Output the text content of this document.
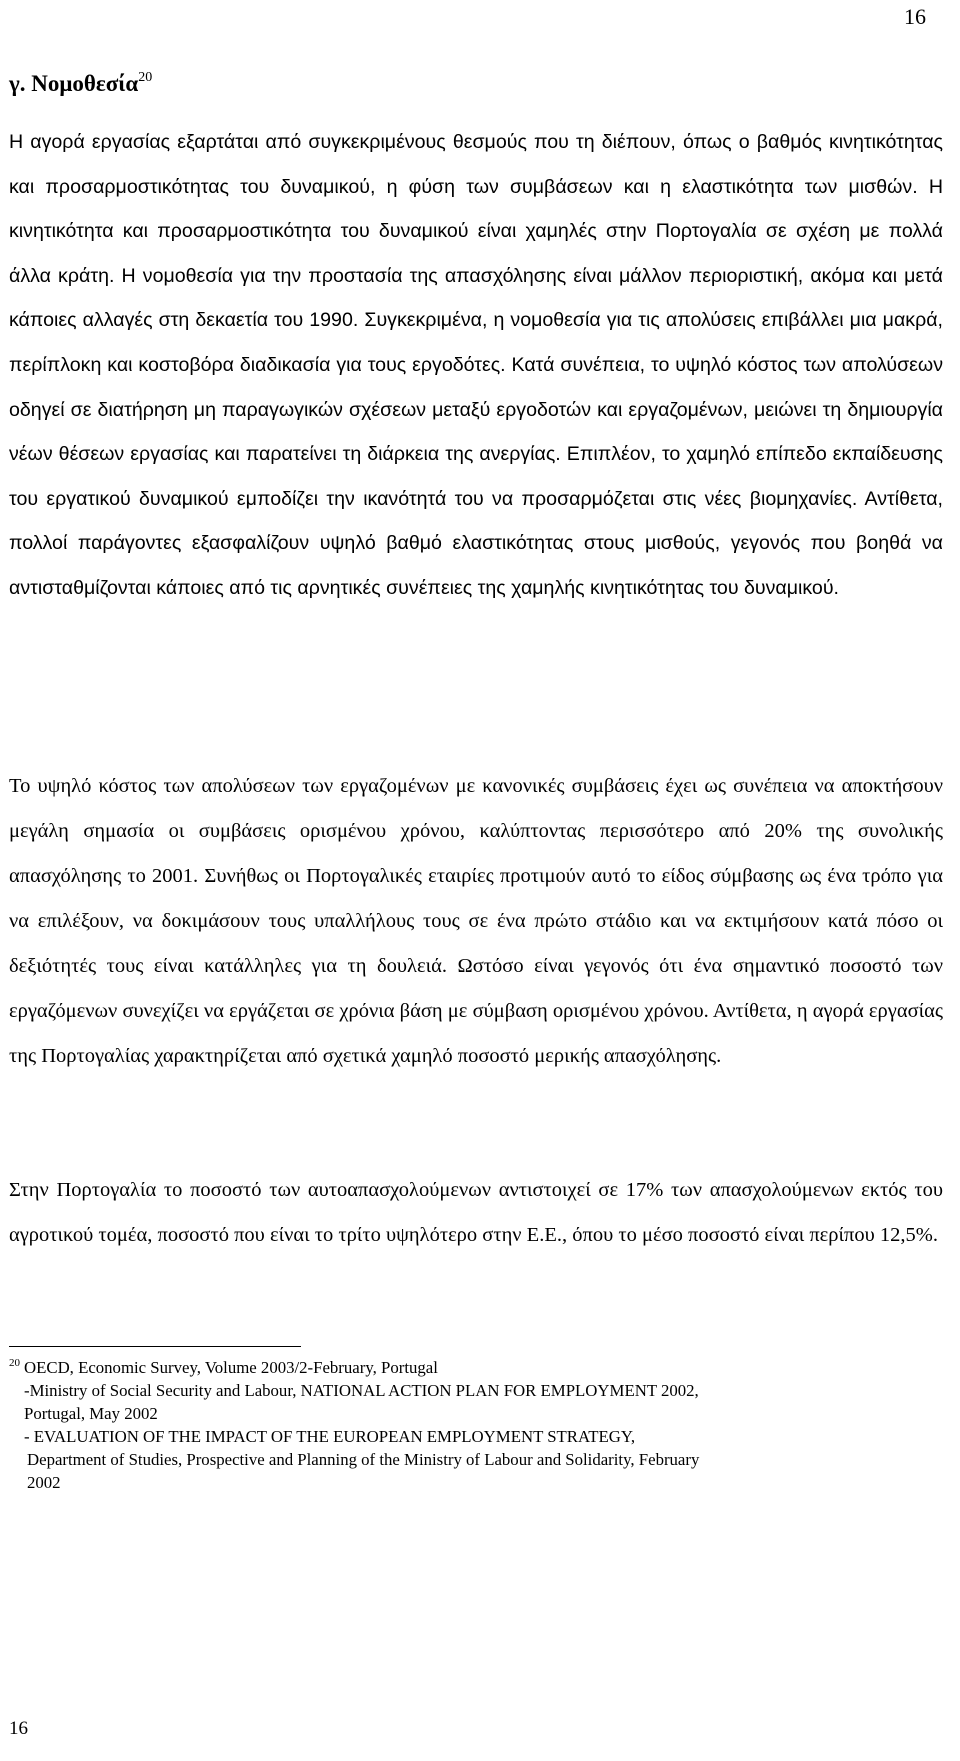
16
γ. Νομοθεσία$^{20}$

Η αγορά εργασίας εξαρτάται από συγκεκριμένους θεσμούς που τη διέπουν, όπως ο βαθμός κινητικότητας και προσαρμοστικότητας του δυναμικού, η φύση των συμβάσεων και η ελαστικότητα των μισθών. Η κινητικότητα και προσαρμοστικότητα του δυναμικού είναι χαμηλές στην Πορτογαλία σε σχέση με πολλά άλλα κράτη. Η νομοθεσία για την προστασία της απασχόλησης είναι μάλλον περιοριστική, ακόμα και μετά κάποιες αλλαγές στη δεκαετία του 1990. Συγκεκριμένα, η νομοθεσία για τις απολύσεις επιβάλλει μια μακρά, περίπλοκη και κοστοβόρα διαδικασία για τους εργοδότες. Κατά συνέπεια, το υψηλό κόστος των απολύσεων οδηγεί σε διατήρηση μη παραγωγικών σχέσεων μεταξύ εργοδοτών και εργαζομένων, μειώνει τη δημιουργία νέων θέσεων εργασίας και παρατείνει τη διάρκεια της ανεργίας. Επιπλέον, το χαμηλό επίπεδο εκπαίδευσης του εργατικού δυναμικού εμποδίζει την ικανότητά του να προσαρμόζεται στις νέες βιομηχανίες. Αντίθετα, πολλοί παράγοντες εξασφαλίζουν υψηλό βαθμό ελαστικότητας στους μισθούς, γεγονός που βοηθά να αντισταθμίζονται κάποιες από τις αρνητικές συνέπειες της χαμηλής κινητικότητας του δυναμικού.

Το υψηλό κόστος των απολύσεων των εργαζομένων με κανονικές συμβάσεις έχει ως συνέπεια να αποκτήσουν μεγάλη σημασία οι συμβάσεις ορισμένου χρόνου, καλύπτοντας περισσότερο από 20% της συνολικής απασχόλησης το 2001. Συνήθως οι Πορτογαλικές εταιρίες προτιμούν αυτό το είδος σύμβασης ως ένα τρόπο για να επιλέξουν, να δοκιμάσουν τους υπαλλήλους τους σε ένα πρώτο στάδιο και να εκτιμήσουν κατά πόσο οι δεξιότητές τους είναι κατάλληλες για τη δουλειά. Ωστόσο είναι γεγονός ότι ένα σημαντικό ποσοστό των εργαζόμενων συνεχίζει να εργάζεται σε χρόνια βάση με σύμβαση ορισμένου χρόνου. Αντίθετα, η αγορά εργασίας της Πορτογαλίας χαρακτηρίζεται από σχετικά χαμηλό ποσοστό μερικής απασχόλησης.

Στην Πορτογαλία το ποσοστό των αυτοαπασχολούμενων αντιστοιχεί σε 17% των απασχολούμενων εκτός του αγροτικού τομέα, ποσοστό που είναι το τρίτο υψηλότερο στην Ε.Ε., όπου το μέσο ποσοστό είναι περίπου 12,5%.

$^{20}$ OECD, Economic Survey, Volume 2003/2-February, Portugal
-Ministry of Social Security and Labour, NATIONAL ACTION PLAN FOR EMPLOYMENT 2002,
Portugal, May 2002
- EVALUATION OF THE IMPACT OF THE EUROPEAN EMPLOYMENT STRATEGY,
Department of Studies, Prospective and Planning of the Ministry of Labour and Solidarity, February
2002
16
